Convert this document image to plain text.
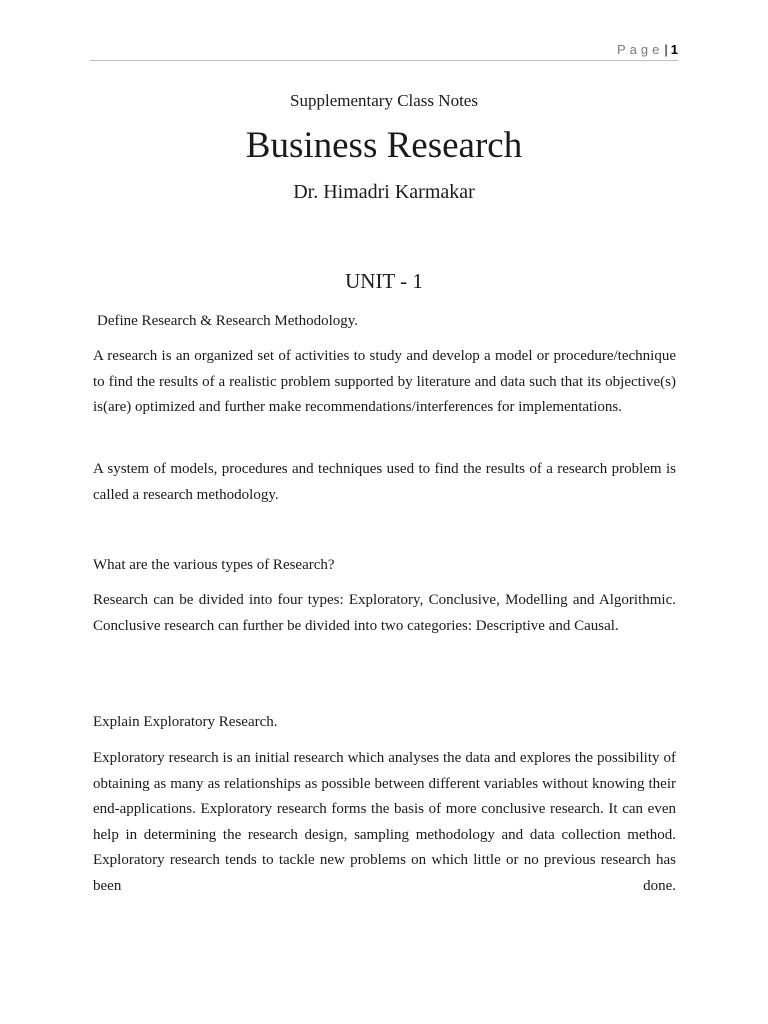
Page| 1
Supplementary Class Notes
Business Research
Dr. Himadri Karmakar
UNIT - 1
Define Research & Research Methodology.
A research is an organized set of activities to study and develop a model or procedure/technique to find the results of a realistic problem supported by literature and data such that its objective(s) is(are) optimized and further make recommendations/interferences for implementations.
A system of models, procedures and techniques used to find the results of a research problem is called a research methodology.
What are the various types of Research?
Research can be divided into four types: Exploratory, Conclusive, Modelling and Algorithmic. Conclusive research can further be divided into two categories: Descriptive and Causal.
Explain Exploratory Research.
Exploratory research is an initial research which analyses the data and explores the possibility of obtaining as many as relationships as possible between different variables without knowing their end-applications. Exploratory research forms the basis of more conclusive research. It can even help in determining the research design, sampling methodology and data collection method. Exploratory research tends to tackle new problems on which little or no previous research has been done.
